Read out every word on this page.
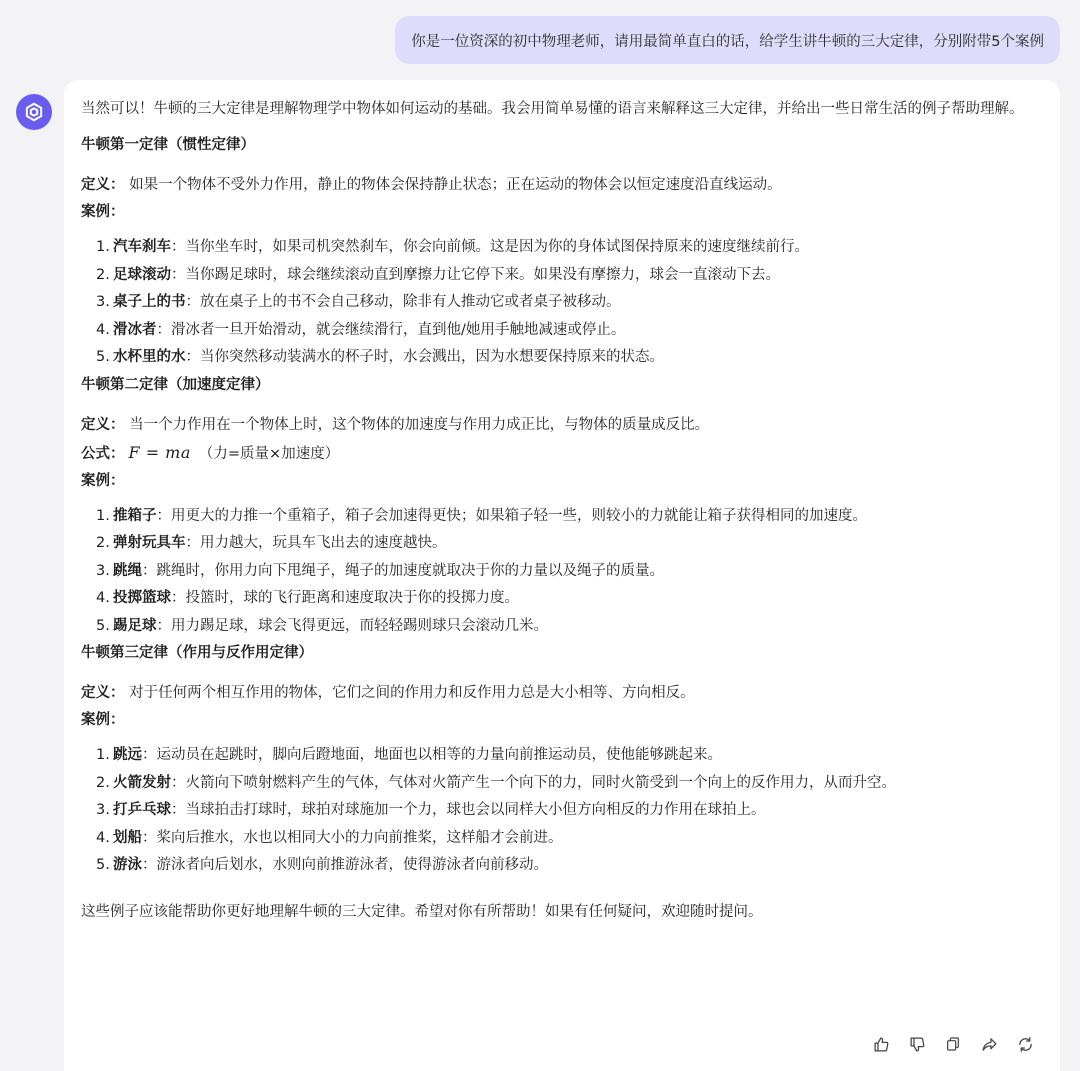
你是一位资深的初中物理老师，请用最简单直白的话，给学生讲牛顿的三大定律，分别附带5个案例

当然可以！牛顿的三大定律是理解物理学中物体如何运动的基础。我会用简单易懂的语言来解释这三大定律，并给出一些日常生活的例子帮助理解。

牛顿第一定律（惯性定律）

定义： 如果一个物体不受外力作用，静止的物体会保持静止状态；正在运动的物体会以恒定速度沿直线运动。

案例：

1. 汽车刹车：当你坐车时，如果司机突然刹车，你会向前倾。这是因为你的身体试图保持原来的速度继续前行。
2. 足球滚动：当你踢足球时，球会继续滚动直到摩擦力让它停下来。如果没有摩擦力，球会一直滚动下去。
3. 桌子上的书：放在桌子上的书不会自己移动，除非有人推动它或者桌子被移动。
4. 滑冰者：滑冰者一旦开始滑动，就会继续滑行，直到他/她用手触地减速或停止。
5. 水杯里的水：当你突然移动装满水的杯子时，水会溅出，因为水想要保持原来的状态。

牛顿第二定律（加速度定律）

定义： 当一个力作用在一个物体上时，这个物体的加速度与作用力成正比，与物体的质量成反比。

公式： F = ma （力=质量×加速度）

案例：

1. 推箱子：用更大的力推一个重箱子，箱子会加速得更快；如果箱子轻一些，则较小的力就能让箱子获得相同的加速度。
2. 弹射玩具车：用力越大，玩具车飞出去的速度越快。
3. 跳绳：跳绳时，你用力向下甩绳子，绳子的加速度就取决于你的力量以及绳子的质量。
4. 投掷篮球：投篮时，球的飞行距离和速度取决于你的投掷力度。
5. 踢足球：用力踢足球，球会飞得更远，而轻轻踢则球只会滚动几米。

牛顿第三定律（作用与反作用定律）

定义： 对于任何两个相互作用的物体，它们之间的作用力和反作用力总是大小相等、方向相反。

案例：

1. 跳远：运动员在起跳时，脚向后蹬地面，地面也以相等的力量向前推运动员，使他能够跳起来。
2. 火箭发射：火箭向下喷射燃料产生的气体，气体对火箭产生一个向下的力，同时火箭受到一个向上的反作用力，从而升空。
3. 打乒乓球：当球拍击打球时，球拍对球施加一个力，球也会以同样大小但方向相反的力作用在球拍上。
4. 划船：桨向后推水，水也以相同大小的力向前推桨，这样船才会前进。
5. 游泳：游泳者向后划水，水则向前推游泳者，使得游泳者向前移动。

这些例子应该能帮助你更好地理解牛顿的三大定律。希望对你有所帮助！如果有任何疑问，欢迎随时提问。
